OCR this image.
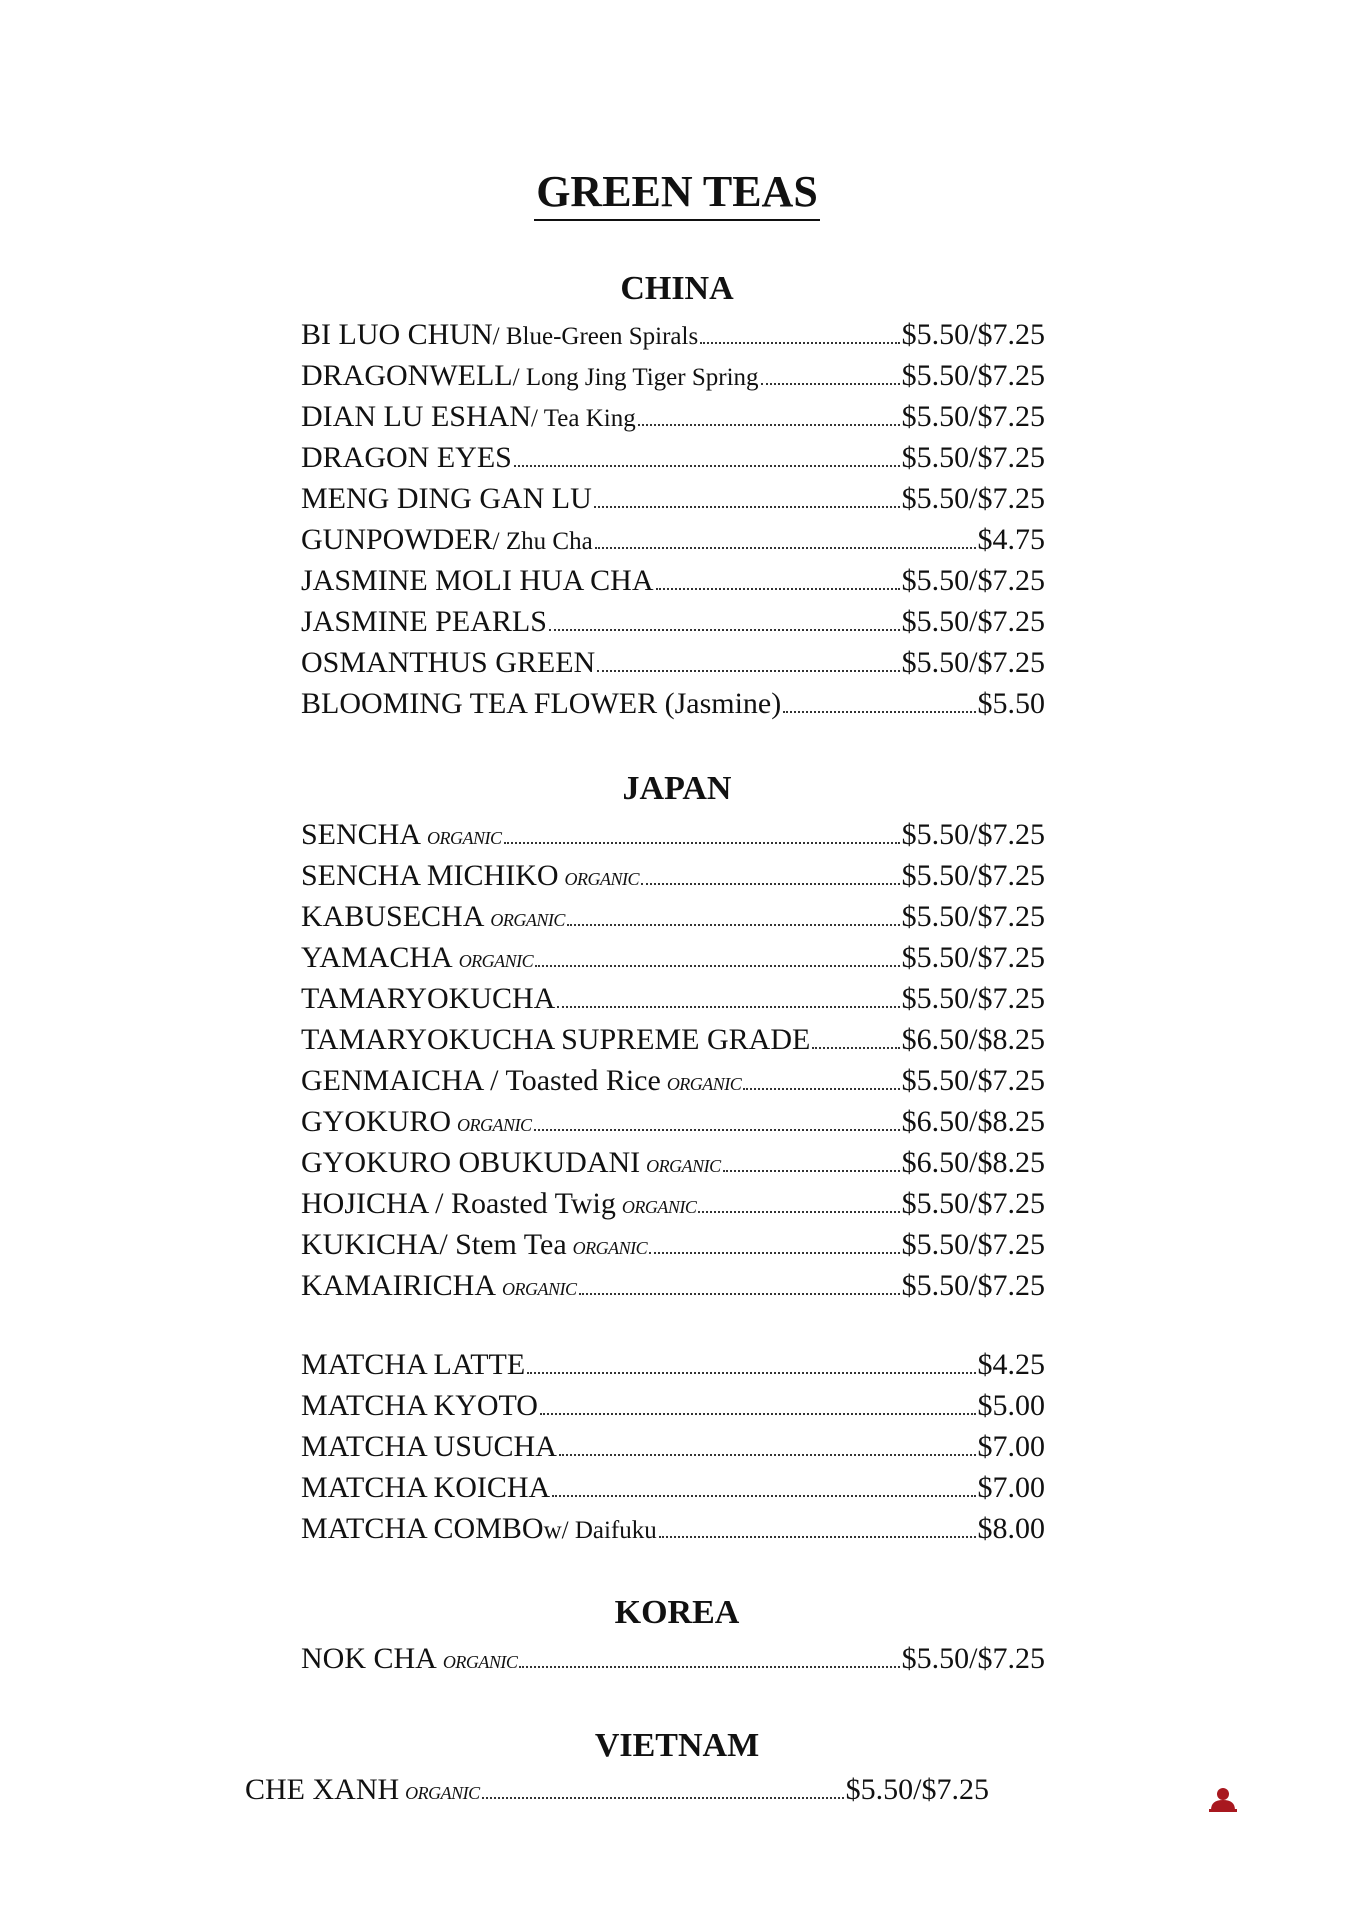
GREEN TEAS
CHINA
BI LUO CHUN / Blue-Green Spirals	$5.50/$7.25
DRAGONWELL / Long Jing Tiger Spring	$5.50/$7.25
DIAN LU ESHAN / Tea King	$5.50/$7.25
DRAGON EYES	$5.50/$7.25
MENG DING GAN LU	$5.50/$7.25
GUNPOWDER / Zhu Cha	$4.75
JASMINE MOLI HUA CHA	$5.50/$7.25
JASMINE PEARLS	$5.50/$7.25
OSMANTHUS GREEN	$5.50/$7.25
BLOOMING TEA FLOWER (Jasmine)	$5.50
JAPAN
SENCHA ORGANIC	$5.50/$7.25
SENCHA MICHIKO ORGANIC	$5.50/$7.25
KABUSECHA ORGANIC	$5.50/$7.25
YAMACHA ORGANIC	$5.50/$7.25
TAMARYOKUCHA	$5.50/$7.25
TAMARYOKUCHA SUPREME GRADE	$6.50/$8.25
GENMAICHA / Toasted Rice ORGANIC	$5.50/$7.25
GYOKURO ORGANIC	$6.50/$8.25
GYOKURO OBUKUDANI ORGANIC	$6.50/$8.25
HOJICHA / Roasted Twig ORGANIC	$5.50/$7.25
KUKICHA/ Stem Tea ORGANIC	$5.50/$7.25
KAMAIRICHA ORGANIC	$5.50/$7.25
MATCHA LATTE	$4.25
MATCHA KYOTO	$5.00
MATCHA USUCHA	$7.00
MATCHA KOICHA	$7.00
MATCHA COMBO w/ Daifuku	$8.00
KOREA
NOK CHA ORGANIC	$5.50/$7.25
VIETNAM
CHE XANH ORGANIC	$5.50/$7.25
